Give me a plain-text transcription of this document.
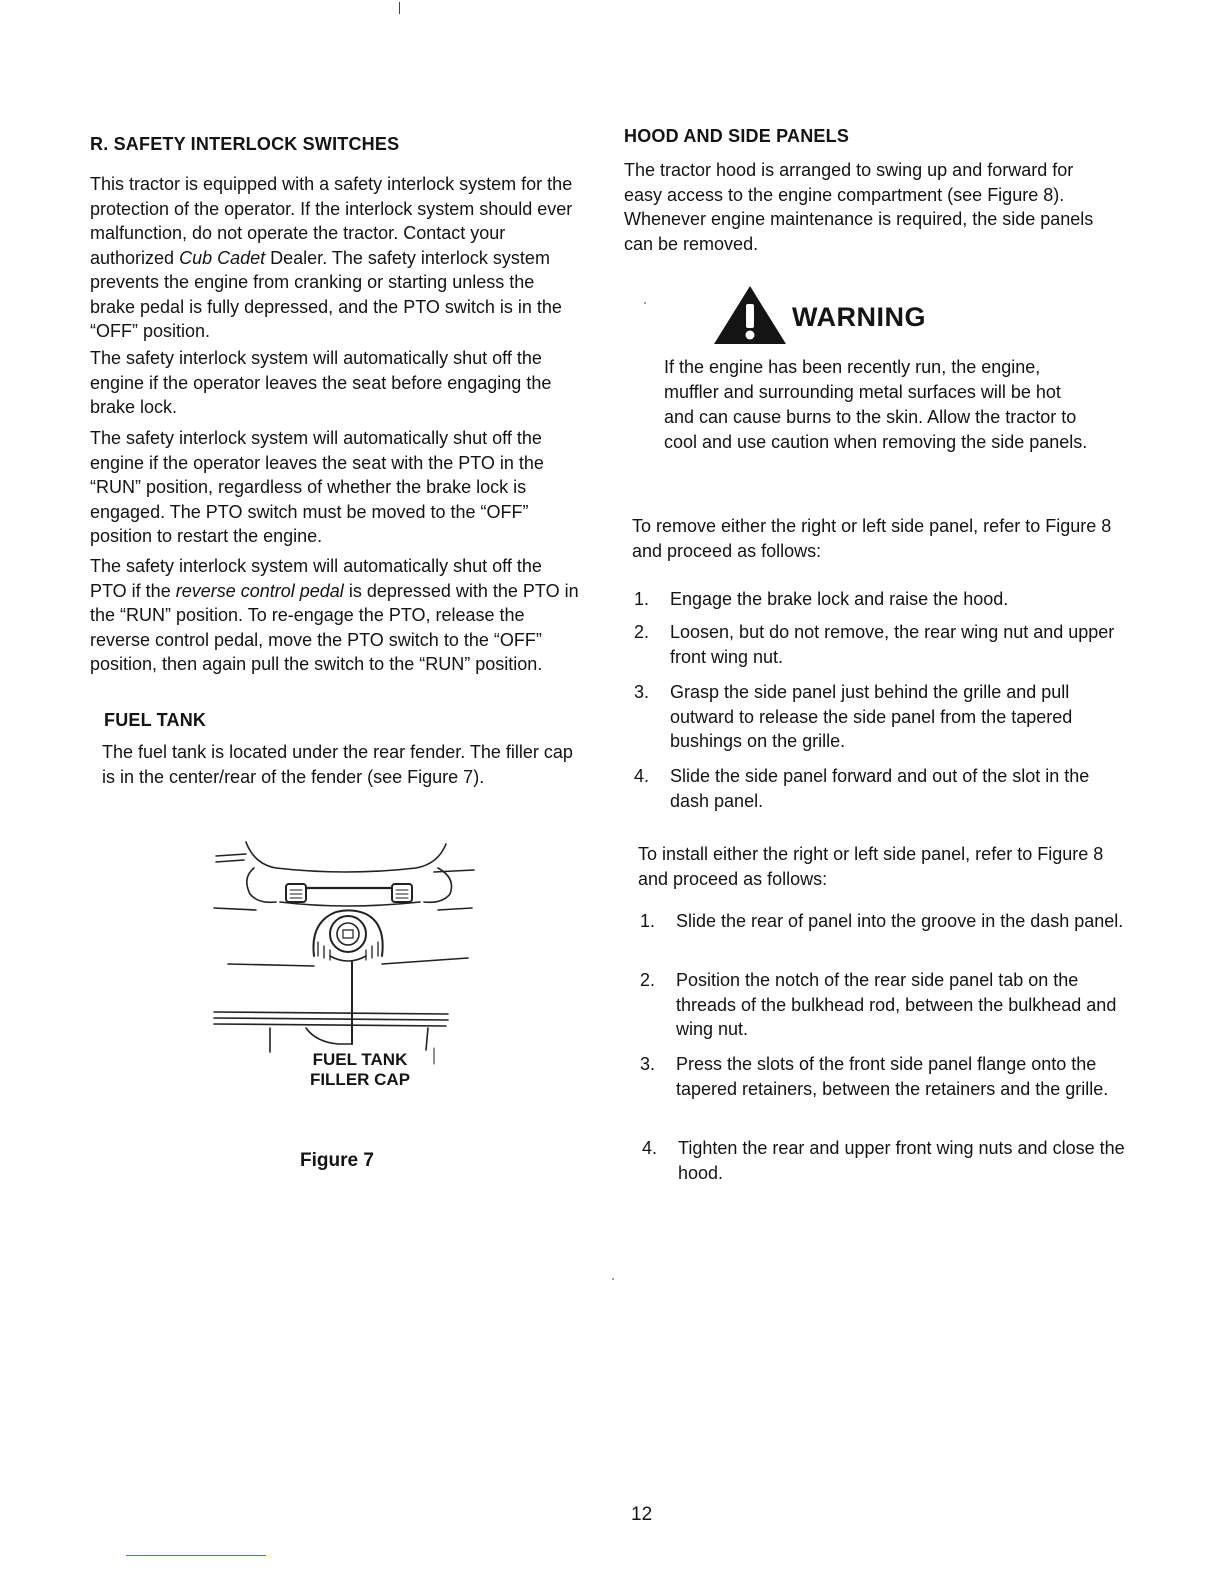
R. SAFETY INTERLOCK SWITCHES

This tractor is equipped with a safety interlock system for the protection of the operator. If the interlock system should ever malfunction, do not operate the tractor. Contact your authorized Cub Cadet Dealer. The safety interlock system prevents the engine from cranking or starting unless the brake pedal is fully depressed, and the PTO switch is in the “OFF” position.

The safety interlock system will automatically shut off the engine if the operator leaves the seat before engaging the brake lock.

The safety interlock system will automatically shut off the engine if the operator leaves the seat with the PTO in the “RUN” position, regardless of whether the brake lock is engaged. The PTO switch must be moved to the “OFF” position to restart the engine.

The safety interlock system will automatically shut off the PTO if the reverse control pedal is depressed with the PTO in the “RUN” position. To re-engage the PTO, release the reverse control pedal, move the PTO switch to the “OFF” position, then again pull the switch to the “RUN” position.

FUEL TANK

The fuel tank is located under the rear fender. The filler cap is in the center/rear of the fender (see Figure 7).

FUEL TANK
FILLER CAP
Figure 7

HOOD AND SIDE PANELS

The tractor hood is arranged to swing up and forward for easy access to the engine compartment (see Figure 8). Whenever engine maintenance is required, the side panels can be removed.

WARNING

If the engine has been recently run, the engine, muffler and surrounding metal surfaces will be hot and can cause burns to the skin. Allow the tractor to cool and use caution when removing the side panels.

To remove either the right or left side panel, refer to Figure 8 and proceed as follows:

1. Engage the brake lock and raise the hood.
2. Loosen, but do not remove, the rear wing nut and upper front wing nut.
3. Grasp the side panel just behind the grille and pull outward to release the side panel from the tapered bushings on the grille.
4. Slide the side panel forward and out of the slot in the dash panel.

To install either the right or left side panel, refer to Figure 8 and proceed as follows:

1. Slide the rear of panel into the groove in the dash panel.
2. Position the notch of the rear side panel tab on the threads of the bulkhead rod, between the bulkhead and wing nut.
3. Press the slots of the front side panel flange onto the tapered retainers, between the retainers and the grille.
4. Tighten the rear and upper front wing nuts and close the hood.
12
